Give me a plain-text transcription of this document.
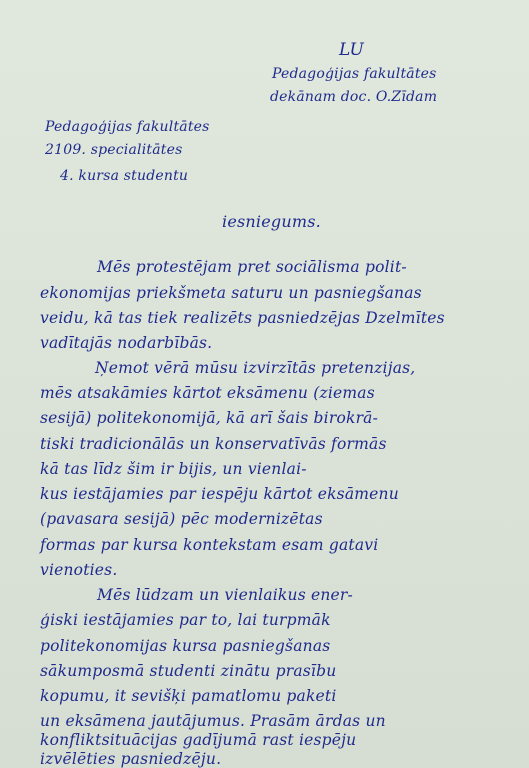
LU
Pedagoģijas fakultātes
dekānam doc. O.Zīdam
Pedagoģijas fakultātes
2109. specialitātes
4. kursa studentu
iesniegums.
Mēs protestējam pret sociālisma polit-
ekonomijas priekšmeta saturu un pasniegšanas
veidu, kā tas tiek realizēts pasniedzējas Dzelmītes
vadītajās nodarbībās.
Ņemot vērā mūsu izvirzītās pretenzijas,
mēs atsakāmies kārtot eksāmenu (ziemas
sesijā) politekonomijā, kā arī šais birokrā-
tiski tradicionālās un konservatīvās formās
kā tas līdz šim ir bijis, un vienlai-
kus iestājamies par iespēju kārtot eksāmenu
(pavasara sesijā) pēc modernizētas
formas par kursa kontekstam esam gatavi
vienoties.
Mēs lūdzam un vienlaikus ener-
ģiski iestājamies par to, lai turpmāk
politekonomijas kursa pasniegšanas
sākumposmā studenti zinātu prasību
kopumu, it sevišķi pamatlomu paketi
un eksāmena jautājumus. Prasām ārdas un
konfliktsituācijas gadījumā rast iespēju
izvēlēties pasniedzēju.
